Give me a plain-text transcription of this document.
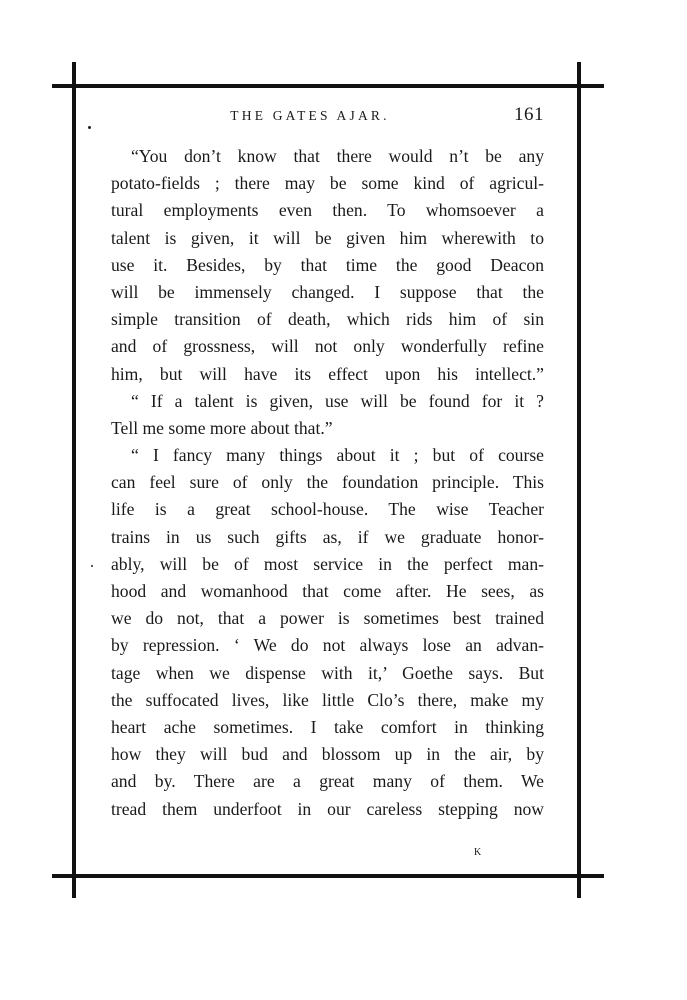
THE GATES AJAR.	161
“You don’t know that there would n’t be any
potato-fields ; there may be some kind of agricul-
tural employments even then. To whomsoever a
talent is given, it will be given him wherewith to
use it. Besides, by that time the good Deacon
will be immensely changed. I suppose that the
simple transition of death, which rids him of sin
and of grossness, will not only wonderfully refine
him, but will have its effect upon his intellect.”
“ If a talent is given, use will be found for it ?
Tell me some more about that.”
“ I fancy many things about it ; but of course
can feel sure of only the foundation principle. This
life is a great school-house. The wise Teacher
trains in us such gifts as, if we graduate honor-
ably, will be of most service in the perfect man-
hood and womanhood that come after. He sees, as
we do not, that a power is sometimes best trained
by repression. ‘ We do not always lose an advan-
tage when we dispense with it,’ Goethe says. But
the suffocated lives, like little Clo’s there, make my
heart ache sometimes. I take comfort in thinking
how they will bud and blossom up in the air, by
and by. There are a great many of them. We
tread them underfoot in our careless stepping now
K
